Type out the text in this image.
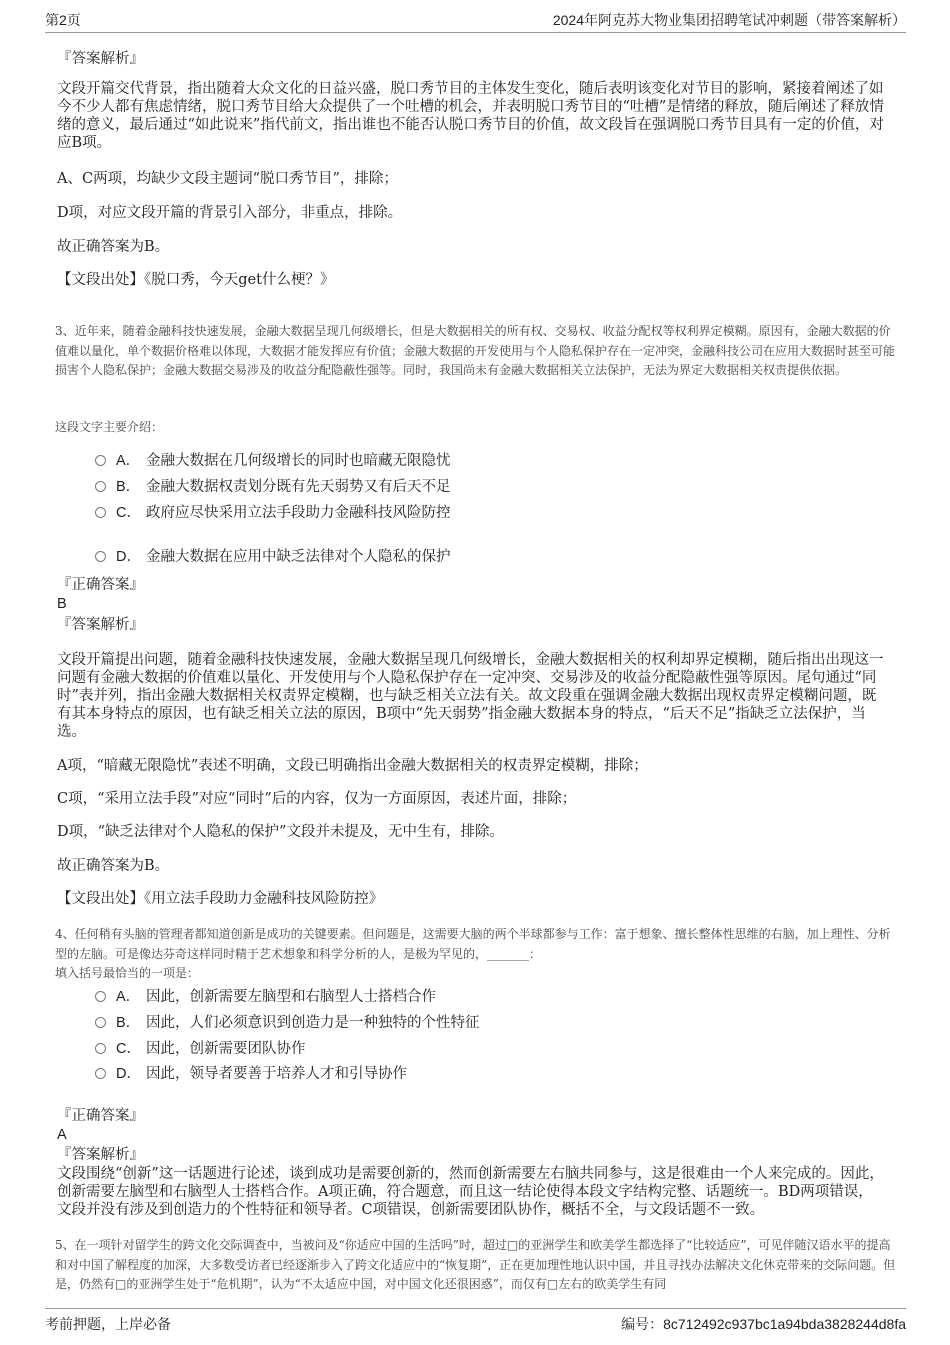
第2页	2024年阿克苏大物业集团招聘笔试冲刺题（带答案解析）
『答案解析』
文段开篇交代背景，指出随着大众文化的日益兴盛，脱口秀节目的主体发生变化，随后表明该变化对节目的影响，紧接着阐述了如今不少人都有焦虑情绪，脱口秀节目给大众提供了一个吐槽的机会，并表明脱口秀节目的“吐槽”是情绪的释放，随后阐述了释放情绪的意义，最后通过“如此说来”指代前文，指出谁也不能否认脱口秀节目的价值，故文段旨在强调脱口秀节目具有一定的价值，对应B项。
A、C两项，均缺少文段主题词“脱口秀节目”，排除；
D项，对应文段开篇的背景引入部分，非重点，排除。
故正确答案为B。
【文段出处】《脱口秀，今天get什么梗？》
3、近年来，随着金融科技快速发展，金融大数据呈现几何级增长，但是大数据相关的所有权、交易权、收益分配权等权利界定模糊。原因有，金融大数据的价值难以量化，单个数据价格难以体现，大数据才能发挥应有价值；金融大数据的开发使用与个人隐私保护存在一定冲突，金融科技公司在应用大数据时甚至可能损害个人隐私保护；金融大数据交易涉及的收益分配隐蔽性强等。同时，我国尚未有金融大数据相关立法保护，无法为界定大数据相关权责提供依据。
这段文字主要介绍：
A． 金融大数据在几何级增长的同时也暗藏无限隐忧
B． 金融大数据权责划分既有先天弱势又有后天不足
C． 政府应尽快采用立法手段助力金融科技风险防控
D． 金融大数据在应用中缺乏法律对个人隐私的保护
『正确答案』
B
『答案解析』
文段开篇提出问题，随着金融科技快速发展，金融大数据呈现几何级增长，金融大数据相关的权利却界定模糊，随后指出出现这一问题有金融大数据的价值难以量化、开发使用与个人隐私保护存在一定冲突、交易涉及的收益分配隐蔽性强等原因。尾句通过“同时”表并列，指出金融大数据相关权责界定模糊，也与缺乏相关立法有关。故文段重在强调金融大数据出现权责界定模糊问题，既有其本身特点的原因，也有缺乏相关立法的原因，B项中“先天弱势”指金融大数据本身的特点，“后天不足”指缺乏立法保护，当选。
A项，“暗藏无限隐忧”表述不明确，文段已明确指出金融大数据相关的权责界定模糊，排除；
C项，“采用立法手段”对应“同时”后的内容，仅为一方面原因，表述片面，排除；
D项，“缺乏法律对个人隐私的保护”文段并未提及，无中生有，排除。
故正确答案为B。
【文段出处】《用立法手段助力金融科技风险防控》
4、任何稍有头脑的管理者都知道创新是成功的关键要素。但问题是，这需要大脑的两个半球都参与工作：富于想象、擅长整体性思维的右脑，加上理性、分析型的左脑。可是像达芬奇这样同时精于艺术想象和科学分析的人，是极为罕见的，_______：
填入括号最恰当的一项是：
A． 因此，创新需要左脑型和右脑型人士搭档合作
B． 因此，人们必须意识到创造力是一种独特的个性特征
C． 因此，创新需要团队协作
D． 因此，领导者要善于培养人才和引导协作
『正确答案』
A
『答案解析』
文段围绕“创新”这一话题进行论述，谈到成功是需要创新的，然而创新需要左右脑共同参与，这是很难由一个人来完成的。因此，创新需要左脑型和右脑型人士搭档合作。A项正确，符合题意，而且这一结论使得本段文字结构完整、话题统一。BD两项错误，文段并没有涉及到创造力的个性特征和领导者。C项错误，创新需要团队协作，概括不全，与文段话题不一致。
5、在一项针对留学生的跨文化交际调查中，当被问及“你适应中国的生活吗”时，超过□的亚洲学生和欧美学生都选择了“比较适应”，可见伴随汉语水平的提高和对中国了解程度的加深，大多数受访者已经逐渐步入了跨文化适应中的“恢复期”，正在更加理性地认识中国，并且寻找办法解决文化休克带来的交际问题。但是，仍然有□的亚洲学生处于“危机期”，认为“不太适应中国，对中国文化还很困惑”，而仅有□左右的欧美学生有同
考前押题，上岸必备	编号：8c712492c937bc1a94bda3828244d8fa
